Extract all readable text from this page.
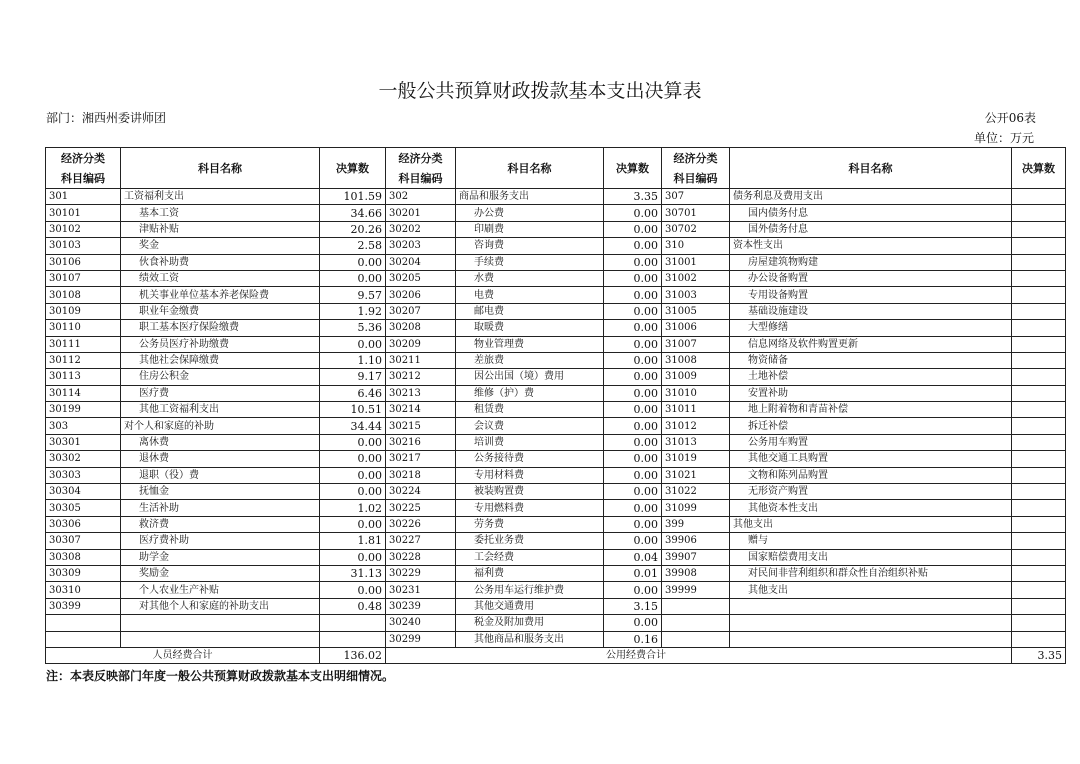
一般公共预算财政拨款基本支出决算表
部门：湘西州委讲师团	公开06表
单位：万元
经济分类	科目名称	决算数	经济分类	科目名称	决算数	经济分类	科目名称	决算数
科目编码			科目编码			科目编码		
301	工资福利支出	101.59	302	商品和服务支出	3.35	307	债务利息及费用支出	
30101	基本工资	34.66	30201	办公费	0.00	30701	国内债务付息	
30102	津贴补贴	20.26	30202	印刷费	0.00	30702	国外债务付息	
30103	奖金	2.58	30203	咨询费	0.00	310	资本性支出	
30106	伙食补助费	0.00	30204	手续费	0.00	31001	房屋建筑物购建	
30107	绩效工资	0.00	30205	水费	0.00	31002	办公设备购置	
30108	机关事业单位基本养老保险费	9.57	30206	电费	0.00	31003	专用设备购置	
30109	职业年金缴费	1.92	30207	邮电费	0.00	31005	基础设施建设	
30110	职工基本医疗保险缴费	5.36	30208	取暖费	0.00	31006	大型修缮	
30111	公务员医疗补助缴费	0.00	30209	物业管理费	0.00	31007	信息网络及软件购置更新	
30112	其他社会保障缴费	1.10	30211	差旅费	0.00	31008	物资储备	
30113	住房公积金	9.17	30212	因公出国（境）费用	0.00	31009	土地补偿	
30114	医疗费	6.46	30213	维修（护）费	0.00	31010	安置补助	
30199	其他工资福利支出	10.51	30214	租赁费	0.00	31011	地上附着物和青苗补偿	
303	对个人和家庭的补助	34.44	30215	会议费	0.00	31012	拆迁补偿	
30301	离休费	0.00	30216	培训费	0.00	31013	公务用车购置	
30302	退休费	0.00	30217	公务接待费	0.00	31019	其他交通工具购置	
30303	退职（役）费	0.00	30218	专用材料费	0.00	31021	文物和陈列品购置	
30304	抚恤金	0.00	30224	被装购置费	0.00	31022	无形资产购置	
30305	生活补助	1.02	30225	专用燃料费	0.00	31099	其他资本性支出	
30306	救济费	0.00	30226	劳务费	0.00	399	其他支出	
30307	医疗费补助	1.81	30227	委托业务费	0.00	39906	赠与	
30308	助学金	0.00	30228	工会经费	0.04	39907	国家赔偿费用支出	
30309	奖励金	31.13	30229	福利费	0.01	39908	对民间非营利组织和群众性自治组织补贴	
30310	个人农业生产补贴	0.00	30231	公务用车运行维护费	0.00	39999	其他支出	
30399	对其他个人和家庭的补助支出	0.48	30239	其他交通费用	3.15			
			30240	税金及附加费用	0.00			
			30299	其他商品和服务支出	0.16			
人员经费合计		136.02	公用经费合计					3.35
注：本表反映部门年度一般公共预算财政拨款基本支出明细情况。
